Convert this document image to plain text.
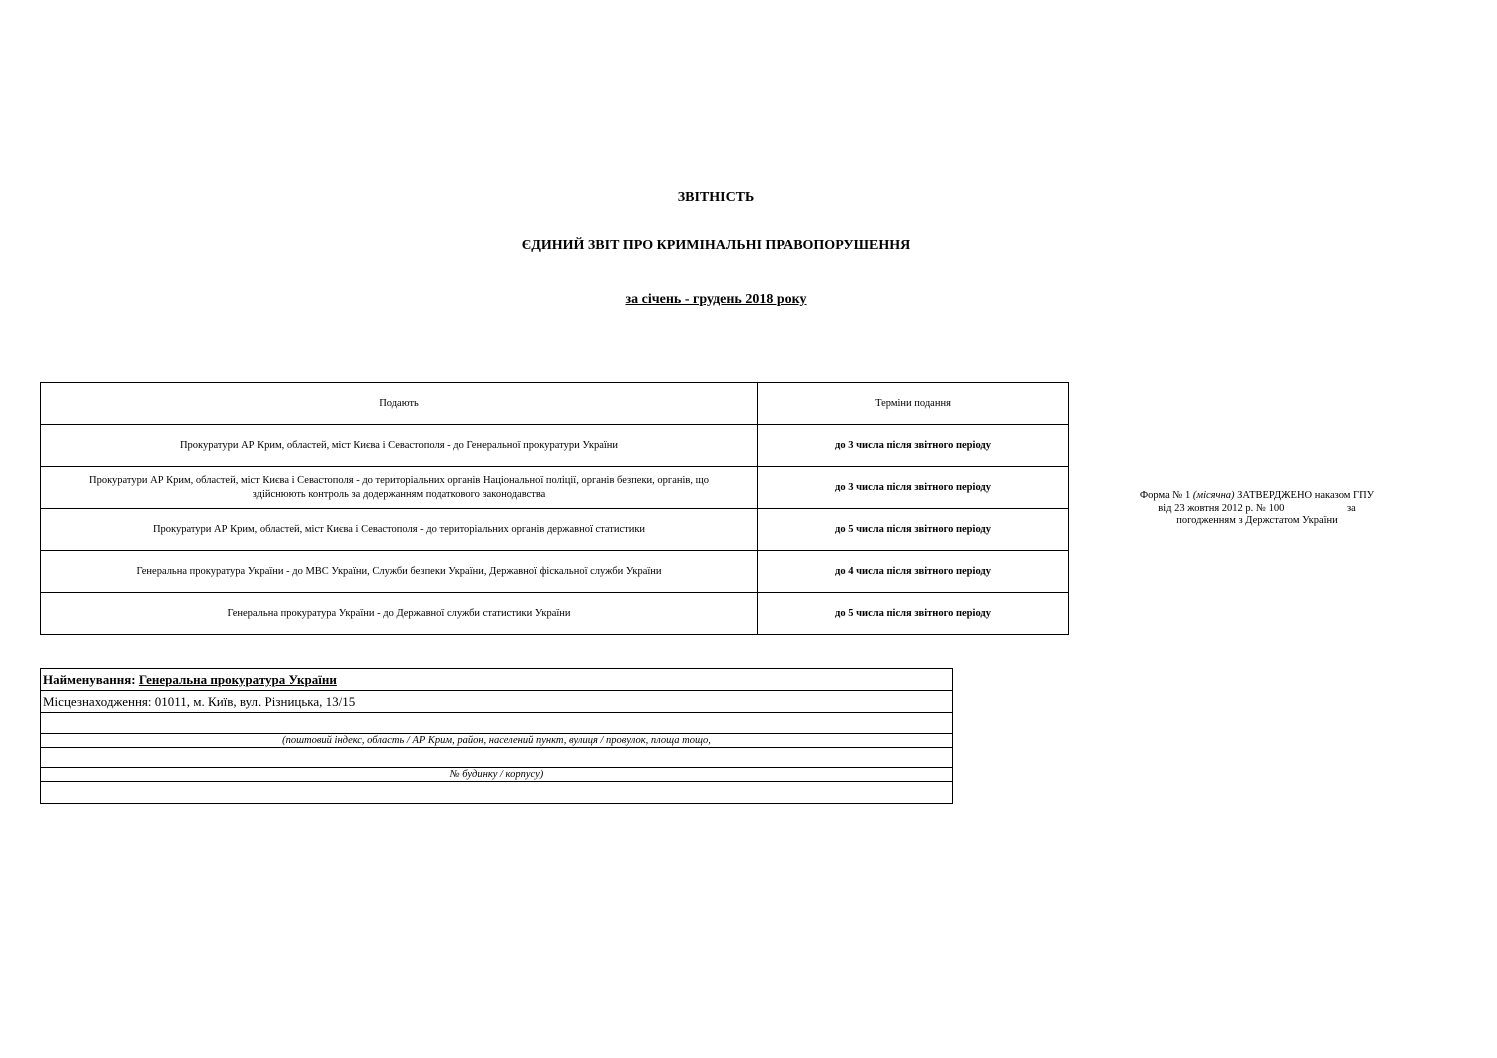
ЗВІТНІСТЬ
ЄДИНИЙ ЗВІТ ПРО КРИМІНАЛЬНІ ПРАВОПОРУШЕННЯ
за січень - грудень 2018 року
Подають	Терміни подання
Прокуратури АР Крим, областей, міст Києва і Севастополя - до Генеральної прокуратури України	до 3 числа після звітного періоду
Прокуратури АР Крим, областей, міст Києва і Севастополя - до територіальних органів Національної поліції, органів безпеки, органів, що здійснюють контроль за додержанням податкового законодавства	до 3 числа після звітного періоду
Прокуратури АР Крим, областей, міст Києва і Севастополя - до територіальних органів державної статистики	до 5 числа після звітного періоду
Генеральна прокуратура України - до МВС України, Служби безпеки України, Державної фіскальної служби України	до 4 числа після звітного періоду
Генеральна прокуратура України - до Державної служби статистики України	до 5 числа після звітного періоду
Форма № 1 (місячна) ЗАТВЕРДЖЕНО наказом ГПУ
від 23 жовтня 2012 р. № 100	за
погодженням з Держстатом України
Найменування: Генеральна прокуратура України
Місцезнаходження: 01011, м. Київ, вул. Різницька, 13/15
(поштовий індекс, область / АР Крим, район, населений пункт, вулиця / провулок, площа тощо,
№ будинку / корпусу)
